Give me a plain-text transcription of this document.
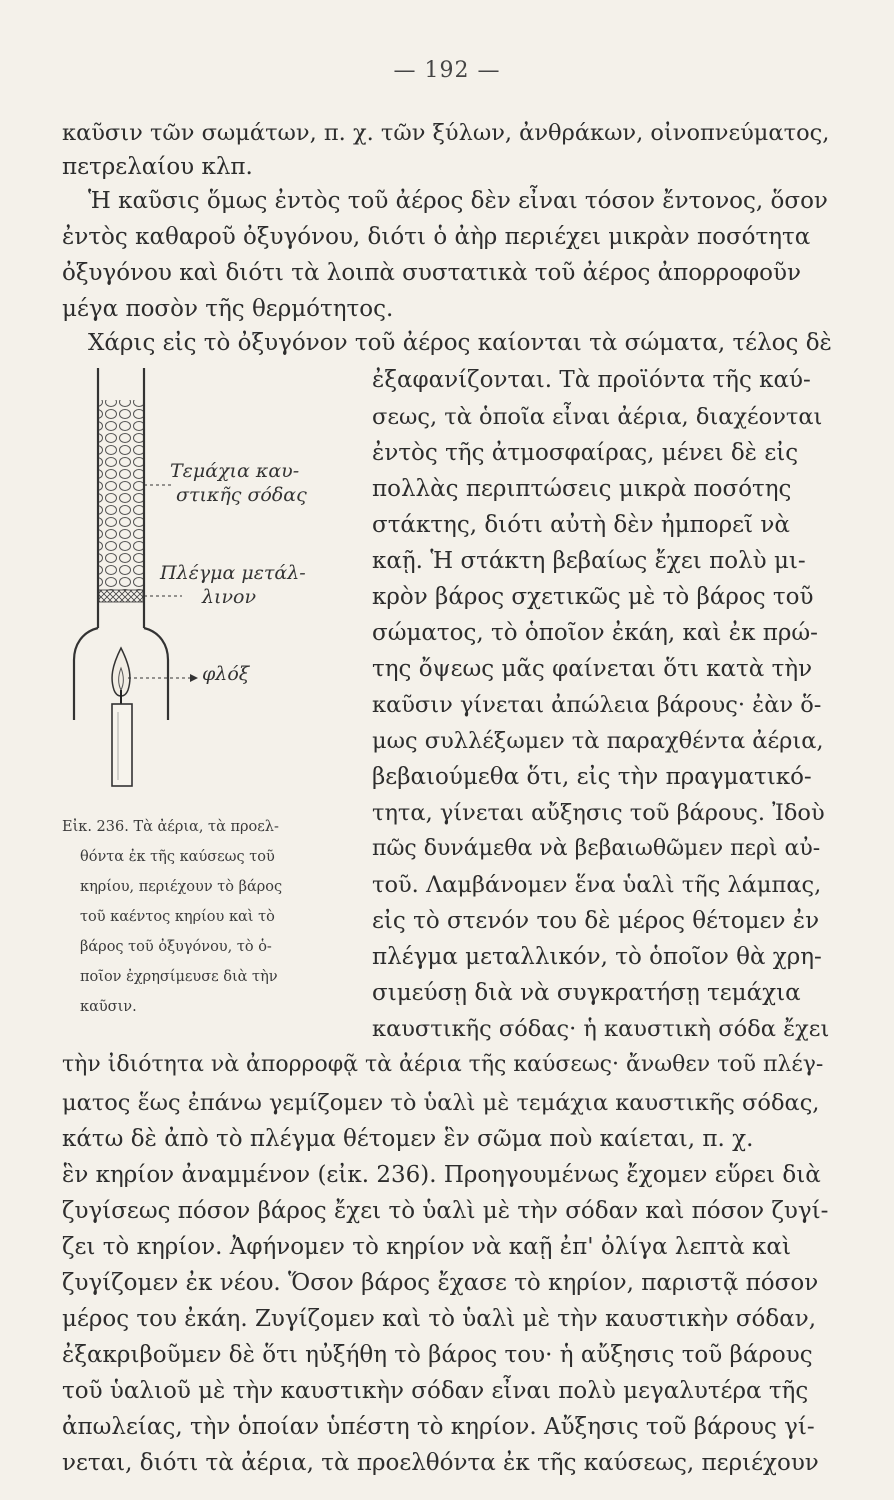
— 192 —
καῦσιν τῶν σωμάτων, π. χ. τῶν ξύλων, ἀνθράκων, οἰνοπνεύματος,
πετρελαίου κλπ.
Ἡ καῦσις ὅμως ἐντὸς τοῦ ἀέρος δὲν εἶναι τόσον ἔντονος, ὅσον
ἐντὸς καθαροῦ ὀξυγόνου, διότι ὁ ἀὴρ περιέχει μικρὰν ποσότητα
ὀξυγόνου καὶ διότι τὰ λοιπὰ συστατικὰ τοῦ ἀέρος ἀπορροφοῦν
μέγα ποσὸν τῆς θερμότητος.
Χάρις εἰς τὸ ὀξυγόνον τοῦ ἀέρος καίονται τὰ σώματα, τέλος δὲ
ἐξαφανίζονται. Τὰ προϊόντα τῆς καύ-
σεως, τὰ ὁποῖα εἶναι ἀέρια, διαχέονται
ἐντὸς τῆς ἀτμοσφαίρας, μένει δὲ εἰς
πολλὰς περιπτώσεις μικρὰ ποσότης
στάκτης, διότι αὐτὴ δὲν ἠμπορεῖ νὰ
καῇ. Ἡ στάκτη βεβαίως ἔχει πολὺ μι-
κρὸν βάρος σχετικῶς μὲ τὸ βάρος τοῦ
σώματος, τὸ ὁποῖον ἐκάη, καὶ ἐκ πρώ-
της ὄψεως μᾶς φαίνεται ὅτι κατὰ τὴν
καῦσιν γίνεται ἀπώλεια βάρους· ἐὰν ὅ-
μως συλλέξωμεν τὰ παραχθέντα ἀέρια,
βεβαιούμεθα ὅτι, εἰς τὴν πραγματικό-
τητα, γίνεται αὔξησις τοῦ βάρους. Ἰδοὺ
πῶς δυνάμεθα νὰ βεβαιωθῶμεν περὶ αὐ-
τοῦ. Λαμβάνομεν ἕνα ὑαλὶ τῆς λάμπας,
εἰς τὸ στενόν του δὲ μέρος θέτομεν ἐν
πλέγμα μεταλλικόν, τὸ ὁποῖον θὰ χρη-
σιμεύσῃ διὰ νὰ συγκρατήσῃ τεμάχια
καυστικῆς σόδας· ἡ καυστικὴ σόδα ἔχει
Τεμάχια καυ-
στικῆς σόδας
Πλέγμα μετάλ-
λινον
φλόξ
Εἰκ. 236. Τὰ ἀέρια, τὰ προελ-
θόντα ἐκ τῆς καύσεως τοῦ
κηρίου, περιέχουν τὸ βάρος
τοῦ καέντος κηρίου καὶ τὸ
βάρος τοῦ ὀξυγόνου, τὸ ὁ-
ποῖον ἐχρησίμευσε διὰ τὴν
καῦσιν.
τὴν ἰδιότητα νὰ ἀπορροφᾷ τὰ ἀέρια τῆς καύσεως· ἄνωθεν τοῦ πλέγ-
ματος ἕως ἐπάνω γεμίζομεν τὸ ὑαλὶ μὲ τεμάχια καυστικῆς σόδας,
κάτω δὲ ἀπὸ τὸ πλέγμα θέτομεν ἓν σῶμα ποὺ καίεται, π. χ.
ἓν κηρίον ἀναμμένον (εἰκ. 236). Προηγουμένως ἔχομεν εὕρει διὰ
ζυγίσεως πόσον βάρος ἔχει τὸ ὑαλὶ μὲ τὴν σόδαν καὶ πόσον ζυγί-
ζει τὸ κηρίον. Ἀφήνομεν τὸ κηρίον νὰ καῇ ἐπ' ὀλίγα λεπτὰ καὶ
ζυγίζομεν ἐκ νέου. Ὅσον βάρος ἔχασε τὸ κηρίον, παριστᾷ πόσον
μέρος του ἐκάη. Ζυγίζομεν καὶ τὸ ὑαλὶ μὲ τὴν καυστικὴν σόδαν,
ἐξακριβοῦμεν δὲ ὅτι ηὐξήθη τὸ βάρος του· ἡ αὔξησις τοῦ βάρους
τοῦ ὑαλιοῦ μὲ τὴν καυστικὴν σόδαν εἶναι πολὺ μεγαλυτέρα τῆς
ἀπωλείας, τὴν ὁποίαν ὑπέστη τὸ κηρίον. Αὔξησις τοῦ βάρους γί-
νεται, διότι τὰ ἀέρια, τὰ προελθόντα ἐκ τῆς καύσεως, περιέχουν
